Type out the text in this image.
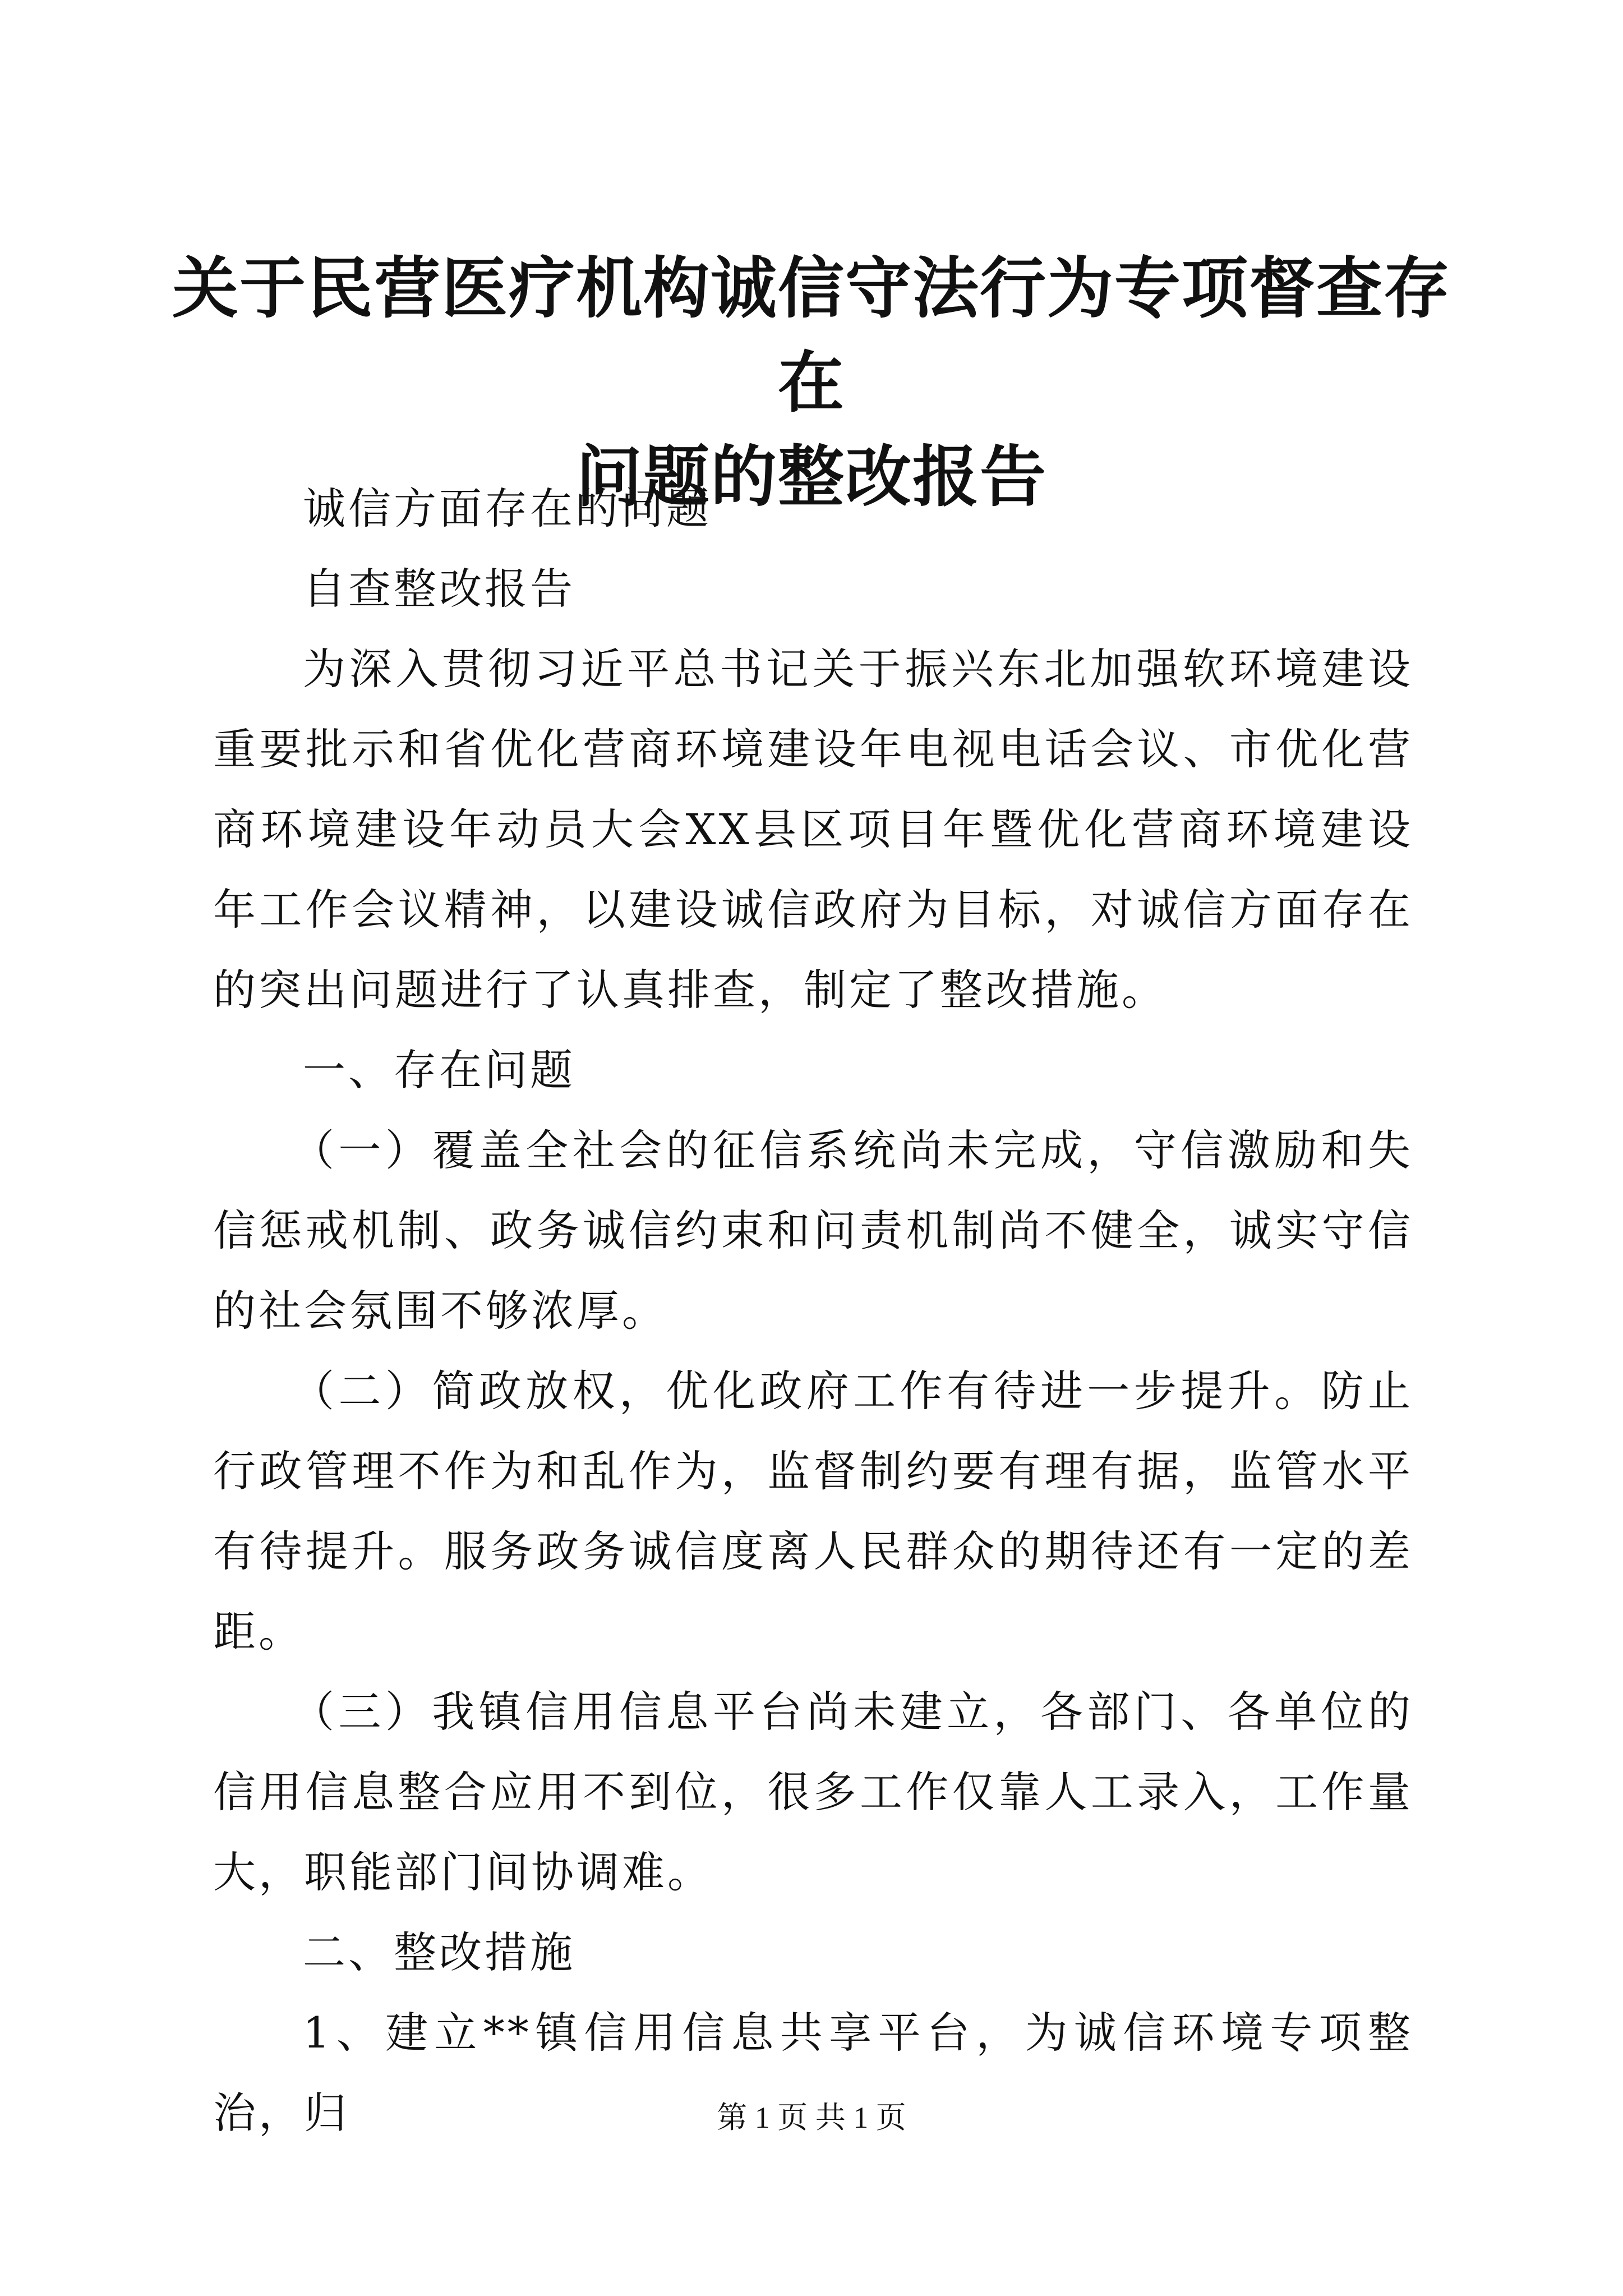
关于民营医疗机构诚信守法行为专项督查存在
问题的整改报告

诚信方面存在的问题

自查整改报告

为深入贯彻习近平总书记关于振兴东北加强软环境建设重要批示和省优化营商环境建设年电视电话会议、市优化营商环境建设年动员大会XX县区项目年暨优化营商环境建设年工作会议精神，以建设诚信政府为目标，对诚信方面存在的突出问题进行了认真排查，制定了整改措施。

一、存在问题

（一）覆盖全社会的征信系统尚未完成，守信激励和失信惩戒机制、政务诚信约束和问责机制尚不健全，诚实守信的社会氛围不够浓厚。

（二）简政放权，优化政府工作有待进一步提升。防止行政管理不作为和乱作为，监督制约要有理有据，监管水平有待提升。服务政务诚信度离人民群众的期待还有一定的差距。

（三）我镇信用信息平台尚未建立，各部门、各单位的信用信息整合应用不到位，很多工作仅靠人工录入，工作量大，职能部门间协调难。

二、整改措施

1、建立**镇信用信息共享平台，为诚信环境专项整治，归	第 1 页 共 1 页
